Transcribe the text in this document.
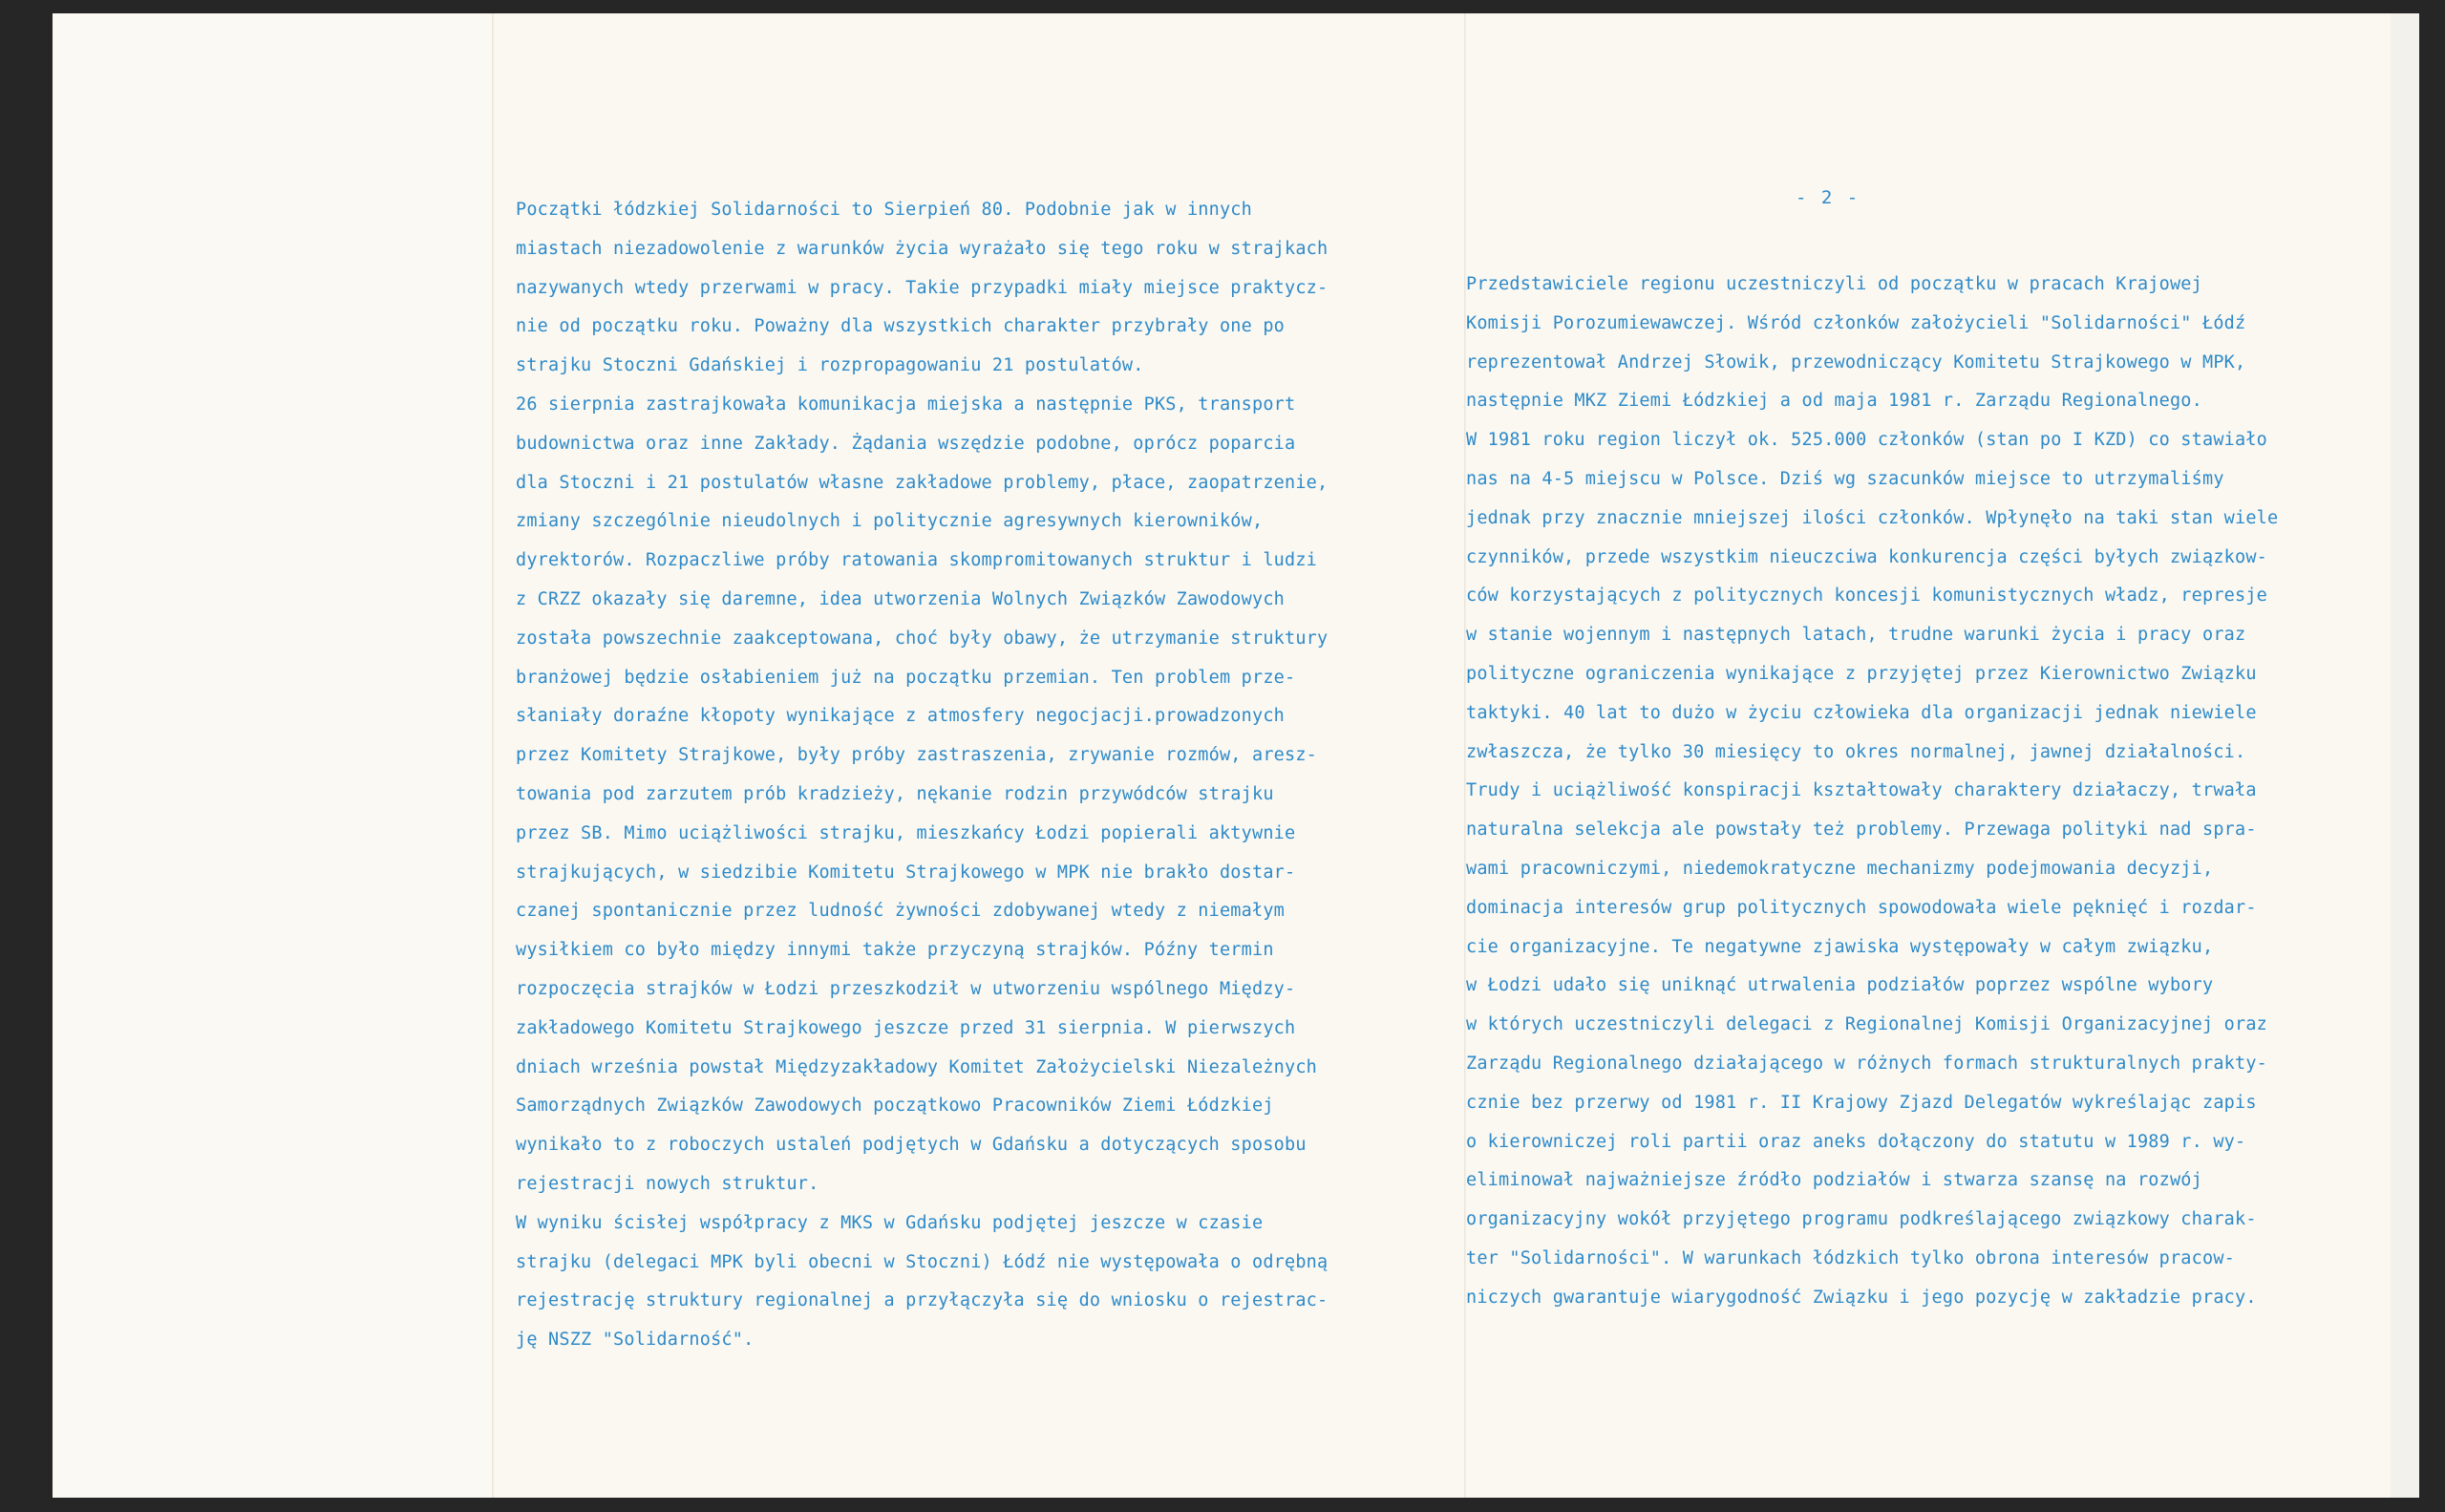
Początki łódzkiej Solidarności to Sierpień 80. Podobnie jak w innych
miastach niezadowolenie z warunków życia wyrażało się tego roku w strajkach
nazywanych wtedy przerwami w pracy. Takie przypadki miały miejsce praktycz-
nie od początku roku. Poważny dla wszystkich charakter przybrały one po
strajku Stoczni Gdańskiej i rozpropagowaniu 21 postulatów.
26 sierpnia zastrajkowała komunikacja miejska a następnie PKS, transport
budownictwa oraz inne Zakłady. Żądania wszędzie podobne, oprócz poparcia
dla Stoczni i 21 postulatów własne zakładowe problemy, płace, zaopatrzenie,
zmiany szczególnie nieudolnych i politycznie agresywnych kierowników,
dyrektorów. Rozpaczliwe próby ratowania skompromitowanych struktur i ludzi
z CRZZ okazały się daremne, idea utworzenia Wolnych Związków Zawodowych
została powszechnie zaakceptowana, choć były obawy, że utrzymanie struktury
branżowej będzie osłabieniem już na początku przemian. Ten problem prze-
słaniały doraźne kłopoty wynikające z atmosfery negocjacji.prowadzonych
przez Komitety Strajkowe, były próby zastraszenia, zrywanie rozmów, aresz-
towania pod zarzutem prób kradzieży, nękanie rodzin przywódców strajku
przez SB. Mimo uciążliwości strajku, mieszkańcy Łodzi popierali aktywnie
strajkujących, w siedzibie Komitetu Strajkowego w MPK nie brakło dostar-
czanej spontanicznie przez ludność żywności zdobywanej wtedy z niemałym
wysiłkiem co było między innymi także przyczyną strajków. Późny termin
rozpoczęcia strajków w Łodzi przeszkodził w utworzeniu wspólnego Między-
zakładowego Komitetu Strajkowego jeszcze przed 31 sierpnia. W pierwszych
dniach września powstał Międzyzakładowy Komitet Założycielski Niezależnych
Samorządnych Związków Zawodowych początkowo Pracowników Ziemi Łódzkiej
wynikało to z roboczych ustaleń podjętych w Gdańsku a dotyczących sposobu
rejestracji nowych struktur.
W wyniku ścisłej współpracy z MKS w Gdańsku podjętej jeszcze w czasie
strajku (delegaci MPK byli obecni w Stoczni) Łódź nie występowała o odrębną
rejestrację struktury regionalnej a przyłączyła się do wniosku o rejestrac-
ję NSZZ "Solidarność".
- 2 -
Przedstawiciele regionu uczestniczyli od początku w pracach Krajowej
Komisji Porozumiewawczej. Wśród członków założycieli "Solidarności" Łódź
reprezentował Andrzej Słowik, przewodniczący Komitetu Strajkowego w MPK,
następnie MKZ Ziemi Łódzkiej a od maja 1981 r. Zarządu Regionalnego.
W 1981 roku region liczył ok. 525.000 członków (stan po I KZD) co stawiało
nas na 4-5 miejscu w Polsce. Dziś wg szacunków miejsce to utrzymaliśmy
jednak przy znacznie mniejszej ilości członków. Wpłynęło na taki stan wiele
czynników, przede wszystkim nieuczciwa konkurencja części byłych związkow-
ców korzystających z politycznych koncesji komunistycznych władz, represje
w stanie wojennym i następnych latach, trudne warunki życia i pracy oraz
polityczne ograniczenia wynikające z przyjętej przez Kierownictwo Związku
taktyki. 40 lat to dużo w życiu człowieka dla organizacji jednak niewiele
zwłaszcza, że tylko 30 miesięcy to okres normalnej, jawnej działalności.
Trudy i uciążliwość konspiracji kształtowały charaktery działaczy, trwała
naturalna selekcja ale powstały też problemy. Przewaga polityki nad spra-
wami pracowniczymi, niedemokratyczne mechanizmy podejmowania decyzji,
dominacja interesów grup politycznych spowodowała wiele pęknięć i rozdar-
cie organizacyjne. Te negatywne zjawiska występowały w całym związku,
w Łodzi udało się uniknąć utrwalenia podziałów poprzez wspólne wybory
w których uczestniczyli delegaci z Regionalnej Komisji Organizacyjnej oraz
Zarządu Regionalnego działającego w różnych formach strukturalnych prakty-
cznie bez przerwy od 1981 r. II Krajowy Zjazd Delegatów wykreślając zapis
o kierowniczej roli partii oraz aneks dołączony do statutu w 1989 r. wy-
eliminował najważniejsze źródło podziałów i stwarza szansę na rozwój
organizacyjny wokół przyjętego programu podkreślającego związkowy charak-
ter "Solidarności". W warunkach łódzkich tylko obrona interesów pracow-
niczych gwarantuje wiarygodność Związku i jego pozycję w zakładzie pracy.
